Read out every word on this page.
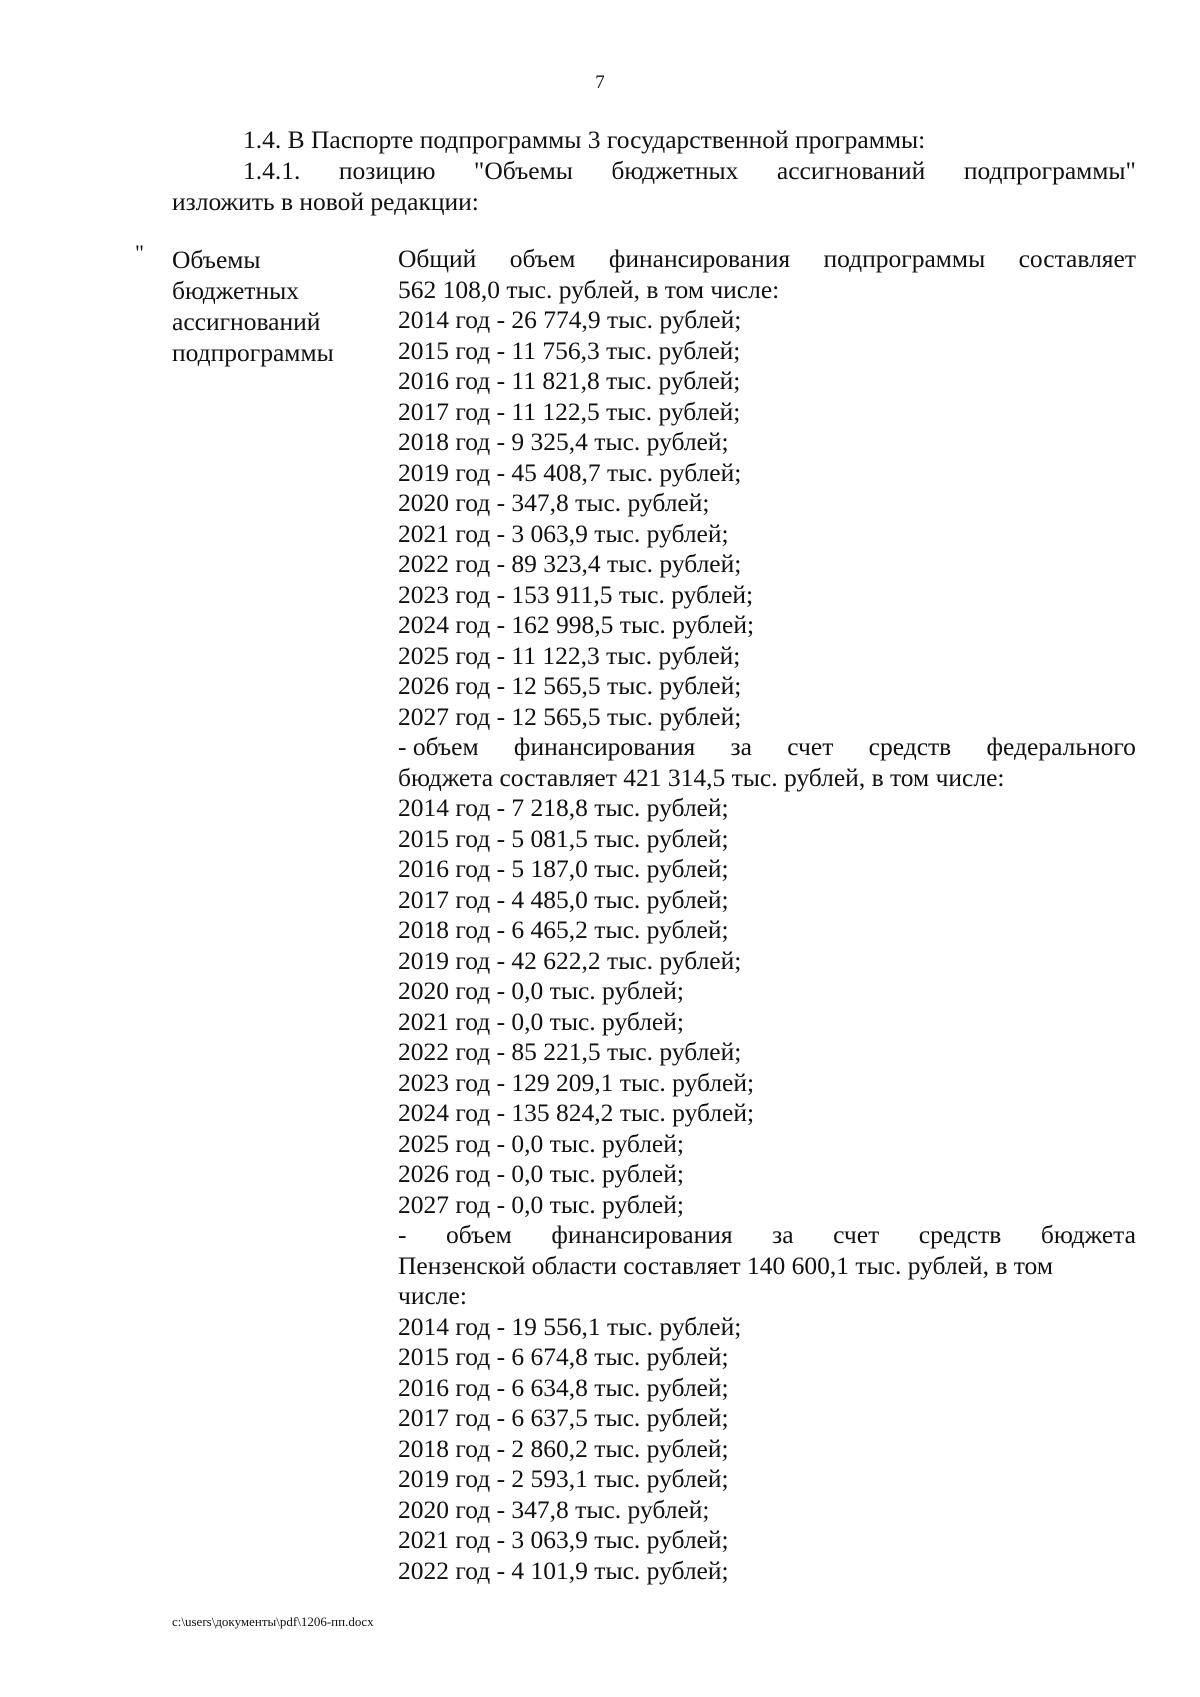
7
1.4. В Паспорте подпрограммы 3 государственной программы:
1.4.1. позицию "Объемы бюджетных ассигнований подпрограммы"
изложить в новой редакции:
" Объемы
бюджетных
ассигнований
подпрограммы
Общий объем финансирования подпрограммы составляет
562 108,0 тыс. рублей, в том числе:
2014 год - 26 774,9 тыс. рублей;
2015 год - 11 756,3 тыс. рублей;
2016 год - 11 821,8 тыс. рублей;
2017 год - 11 122,5 тыс. рублей;
2018 год - 9 325,4 тыс. рублей;
2019 год - 45 408,7 тыс. рублей;
2020 год - 347,8 тыс. рублей;
2021 год - 3 063,9 тыс. рублей;
2022 год - 89 323,4 тыс. рублей;
2023 год - 153 911,5 тыс. рублей;
2024 год - 162 998,5 тыс. рублей;
2025 год - 11 122,3 тыс. рублей;
2026 год - 12 565,5 тыс. рублей;
2027 год - 12 565,5 тыс. рублей;
- объем финансирования за счет средств федерального
бюджета составляет 421 314,5 тыс. рублей, в том числе:
2014 год - 7 218,8 тыс. рублей;
2015 год - 5 081,5 тыс. рублей;
2016 год - 5 187,0 тыс. рублей;
2017 год - 4 485,0 тыс. рублей;
2018 год - 6 465,2 тыс. рублей;
2019 год - 42 622,2 тыс. рублей;
2020 год - 0,0 тыс. рублей;
2021 год - 0,0 тыс. рублей;
2022 год - 85 221,5 тыс. рублей;
2023 год - 129 209,1 тыс. рублей;
2024 год - 135 824,2 тыс. рублей;
2025 год - 0,0 тыс. рублей;
2026 год - 0,0 тыс. рублей;
2027 год - 0,0 тыс. рублей;
- объем финансирования за счет средств бюджета
Пензенской области составляет 140 600,1 тыс. рублей, в том
числе:
2014 год - 19 556,1 тыс. рублей;
2015 год - 6 674,8 тыс. рублей;
2016 год - 6 634,8 тыс. рублей;
2017 год - 6 637,5 тыс. рублей;
2018 год - 2 860,2 тыс. рублей;
2019 год - 2 593,1 тыс. рублей;
2020 год - 347,8 тыс. рублей;
2021 год - 3 063,9 тыс. рублей;
2022 год - 4 101,9 тыс. рублей;
c:\users\документы\pdf\1206-пп.docx
